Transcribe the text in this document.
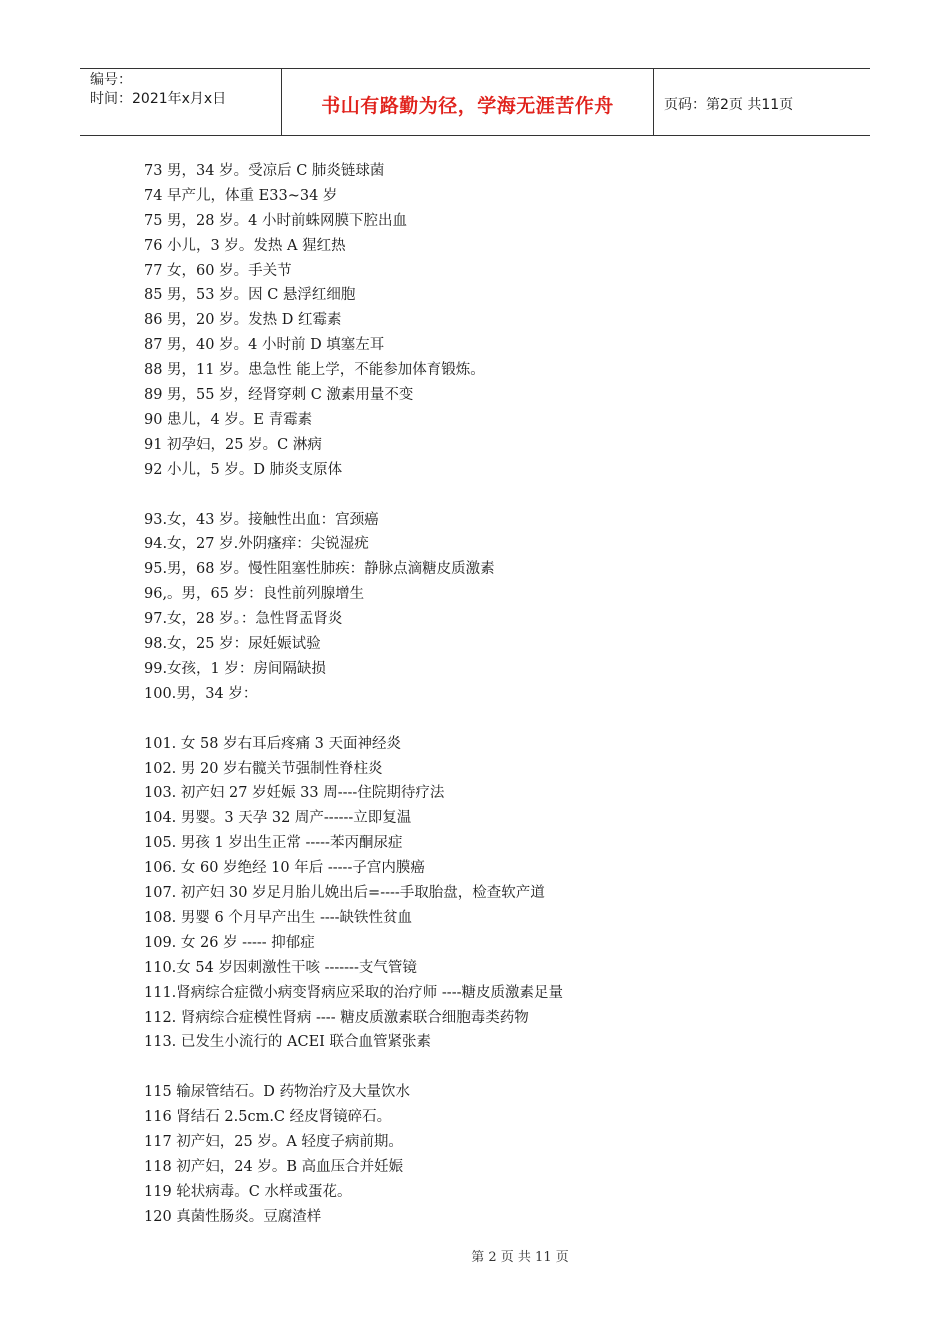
编号：
时间：2021年x月x日	书山有路勤为径，学海无涯苦作舟	页码：第2页 共11页
73 男，34 岁。受凉后 C 肺炎链球菌
74 早产儿，体重 E33~34 岁
75 男，28 岁。4 小时前蛛网膜下腔出血
76 小儿，3 岁。发热 A 猩红热
77 女，60 岁。手关节
85 男，53 岁。因 C 悬浮红细胞
86 男，20 岁。发热 D 红霉素
87 男，40 岁。4 小时前 D 填塞左耳
88 男，11 岁。患急性 能上学，不能参加体育锻炼。
89 男，55 岁，经肾穿刺 C 激素用量不变
90 患儿，4 岁。E 青霉素
91 初孕妇，25 岁。C 淋病
92 小儿，5 岁。D 肺炎支原体
93.女，43 岁。接触性出血：宫颈癌
94.女，27 岁.外阴瘙痒：尖锐湿疣
95.男，68 岁。慢性阻塞性肺疾：静脉点滴糖皮质激素
96,。男，65 岁：良性前列腺增生
97.女，28 岁。：急性肾盂肾炎
98.女，25 岁：尿妊娠试验
99.女孩，1 岁：房间隔缺损
100.男，34 岁：
101. 女 58 岁右耳后疼痛 3 天面神经炎
102. 男 20 岁右髋关节强制性脊柱炎
103. 初产妇 27 岁妊娠 33 周----住院期待疗法
104. 男婴。3 天孕 32 周产------立即复温
105. 男孩 1 岁出生正常 -----苯丙酮尿症
106. 女 60 岁绝经 10 年后 -----子宫内膜癌
107. 初产妇 30 岁足月胎儿娩出后=----手取胎盘，检查软产道
108. 男婴 6 个月早产出生 ----缺铁性贫血
109. 女 26 岁 ----- 抑郁症
110.女 54 岁因刺激性干咳 -------支气管镜
111.肾病综合症微小病变肾病应采取的治疗师 ----糖皮质激素足量
112. 肾病综合症模性肾病 ---- 糖皮质激素联合细胞毒类药物
113. 已发生小流行的 ACEI 联合血管紧张素
115 输尿管结石。D 药物治疗及大量饮水
116 肾结石 2.5cm.C 经皮肾镜碎石。
117 初产妇，25 岁。A 轻度子病前期。
118 初产妇，24 岁。B 高血压合并妊娠
119 轮状病毒。C 水样或蛋花。
120 真菌性肠炎。豆腐渣样
第 2 页 共 11 页
